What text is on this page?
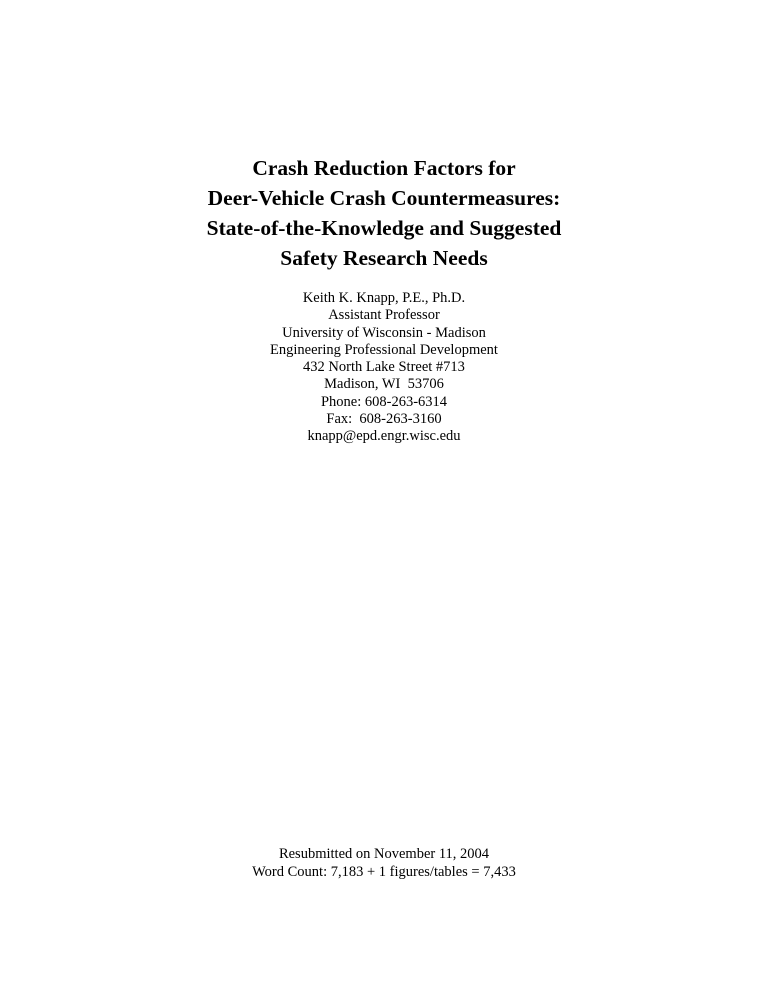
Crash Reduction Factors for
Deer-Vehicle Crash Countermeasures:
State-of-the-Knowledge and Suggested
Safety Research Needs
Keith K. Knapp, P.E., Ph.D.
Assistant Professor
University of Wisconsin - Madison
Engineering Professional Development
432 North Lake Street #713
Madison, WI  53706
Phone: 608-263-6314
Fax:  608-263-3160
knapp@epd.engr.wisc.edu
Resubmitted on November 11, 2004
Word Count: 7,183 + 1 figures/tables = 7,433
